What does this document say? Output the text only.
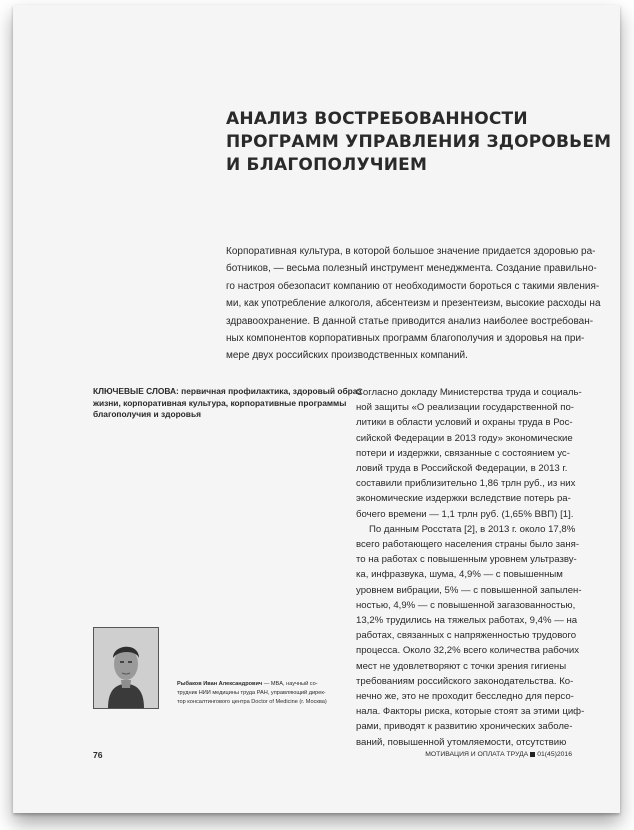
АНАЛИЗ ВОСТРЕБОВАННОСТИ
ПРОГРАММ УПРАВЛЕНИЯ ЗДОРОВЬЕМ
И БЛАГОПОЛУЧИЕМ
Корпоративная культура, в которой большое значение придается здоровью ра-
ботников, — весьма полезный инструмент менеджмента. Создание правильно-
го настроя обезопасит компанию от необходимости бороться с такими явления-
ми, как употребление алкоголя, абсентеизм и презентеизм, высокие расходы на
здравоохранение. В данной статье приводится анализ наиболее востребован-
ных компонентов корпоративных программ благополучия и здоровья на при-
мере двух российских производственных компаний.
КЛЮЧЕВЫЕ СЛОВА: первичная профилактика, здоровый образ
жизни, корпоративная культура, корпоративные программы
благополучия и здоровья
Согласно докладу Министерства труда и социаль-
ной защиты «О реализации государственной по-
литики в области условий и охраны труда в Рос-
сийской Федерации в 2013 году» экономические
потери и издержки, связанные с состоянием ус-
ловий труда в Российской Федерации, в 2013 г.
составили приблизительно 1,86 трлн руб., из них
экономические издержки вследствие потерь ра-
бочего времени — 1,1 трлн руб. (1,65% ВВП) [1].
По данным Росстата [2], в 2013 г. около 17,8%
всего работающего населения страны было заня-
то на работах с повышенным уровнем ультразву-
ка, инфразвука, шума, 4,9% — с повышенным
уровнем вибрации, 5% — с повышенной запылен-
ностью, 4,9% — с повышенной загазованностью,
13,2% трудились на тяжелых работах, 9,4% — на
работах, связанных с напряженностью трудового
процесса. Около 32,2% всего количества рабочих
мест не удовлетворяют с точки зрения гигиены
требованиям российского законодательства. Ко-
нечно же, это не проходит бесследно для персо-
нала. Факторы риска, которые стоят за этими циф-
рами, приводят к развитию хронических заболе-
ваний, повышенной утомляемости, отсутствию
Рыбаков Иван Александрович — MBA, научный со-
трудник НИИ медицины труда РАН, управляющий дирек-
тор консалтингового центра Doctor of Medicine (г. Москва)
76	МОТИВАЦИЯ И ОПЛАТА ТРУДА 01(45)2016
